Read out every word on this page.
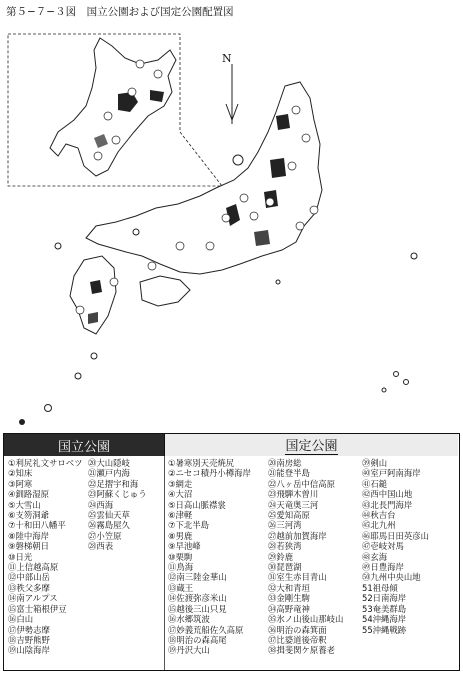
第５−７−３図　国立公園および国定公園配置図
N
国立公園	国定公園
①利尻礼文サロベツ
②知床
③阿寒
④釧路湿原
⑤大雪山
⑥支笏洞爺
⑦十和田八幡平
⑧陸中海岸
⑨磐梯朝日
⑩日光
⑪上信越高原
⑫中部山岳
⑬秩父多摩
⑭南アルプス
⑮富士箱根伊豆
⑯白山
⑰伊勢志摩
⑱吉野熊野
⑲山陰海岸
⑳大山隠岐
㉑瀬戸内海
㉒足摺宇和海
㉓阿蘇くじゅう
㉔西海
㉕雲仙天草
㉖霧島屋久
㉗小笠原
㉘西表
①暑寒別天売焼尻
②ニセコ積丹小樽海岸
③網走
④大沼
⑤日高山脈襟裳
⑥津軽
⑦下北半島
⑧男鹿
⑨早池峰
⑩栗駒
⑪鳥海
⑫南三陸金華山
⑬蔵王
⑭佐渡弥彦米山
⑮越後三山只見
⑯水郷筑波
⑰妙義荒船佐久高原
⑱明治の森高尾
⑲丹沢大山
⑳南房総
㉑能登半島
㉒八ヶ岳中信高原
㉓飛騨木曽川
㉔天竜奥三河
㉕愛知高原
㉖三河湾
㉗越前加賀海岸
㉘若狭湾
㉙鈴鹿
㉚琵琶湖
㉛室生赤目青山
㉜大和青垣
㉝金剛生駒
㉞高野竜神
㉟氷ノ山後山那岐山
㊱明治の森箕面
㊲比婆道後帝釈
㊳揖斐関ケ原養老
㊴剣山
㊵室戸阿南海岸
㊶石鎚
㊷西中国山地
㊸北長門海岸
㊹秋吉台
㊺北九州
㊻耶馬日田英彦山
㊼壱岐対馬
㊽玄海
㊾日豊海岸
㊿九州中央山地
51祖母傾
52日南海岸
53奄美群島
54沖縄海岸
55沖縄戦跡
